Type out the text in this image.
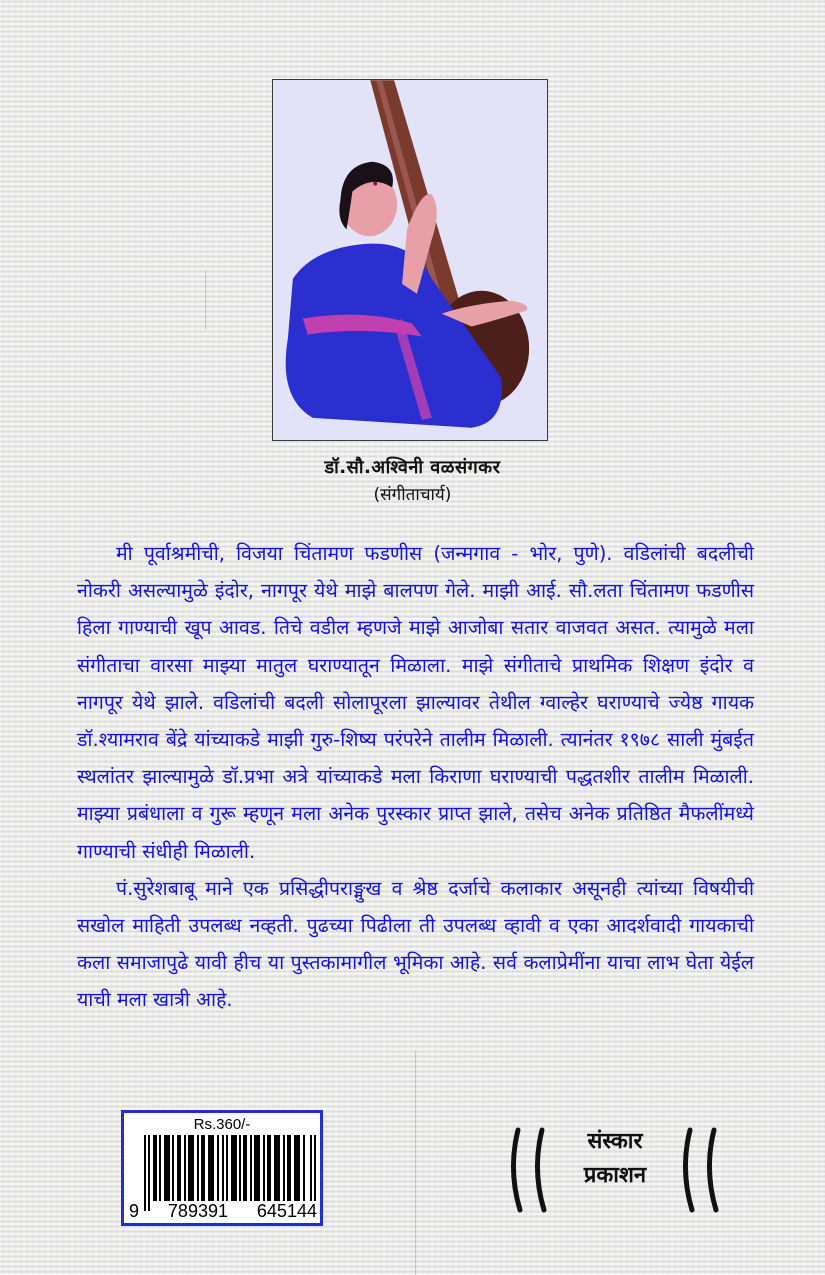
डॉ.सौ.अश्विनी वळसंगकर
(संगीताचार्य)

मी पूर्वाश्रमीची, विजया चिंतामण फडणीस (जन्मगाव - भोर, पुणे). वडिलांची बदलीची नोकरी असल्यामुळे इंदोर, नागपूर येथे माझे बालपण गेले. माझी आई. सौ.लता चिंतामण फडणीस हिला गाण्याची खूप आवड. तिचे वडील म्हणजे माझे आजोबा सतार वाजवत असत. त्यामुळे मला संगीताचा वारसा माझ्या मातुल घराण्यातून मिळाला. माझे संगीताचे प्राथमिक शिक्षण इंदोर व नागपूर येथे झाले. वडिलांची बदली सोलापूरला झाल्यावर तेथील ग्वाल्हेर घराण्याचे ज्येष्ठ गायक डॉ.श्यामराव बेंद्रे यांच्याकडे माझी गुरु-शिष्य परंपरेने तालीम मिळाली. त्यानंतर १९७८ साली मुंबईत स्थलांतर झाल्यामुळे डॉ.प्रभा अत्रे यांच्याकडे मला किराणा घराण्याची पद्धतशीर तालीम मिळाली. माझ्या प्रबंधाला व गुरू म्हणून मला अनेक पुरस्कार प्राप्त झाले, तसेच अनेक प्रतिष्ठित मैफलींमध्ये गाण्याची संधीही मिळाली.

पं.सुरेशबाबू माने एक प्रसिद्धीपराङ्मुख व श्रेष्ठ दर्जाचे कलाकार असूनही त्यांच्या विषयीची सखोल माहिती उपलब्ध नव्हती. पुढच्या पिढीला ती उपलब्ध व्हावी व एका आदर्शवादी गायकाची कला समाजापुढे यावी हीच या पुस्तकामागील भूमिका आहे. सर्व कलाप्रेमींना याचा लाभ घेता येईल याची मला खात्री आहे.

Rs.360/-
9 789391 645144
संस्कार
प्रकाशन
